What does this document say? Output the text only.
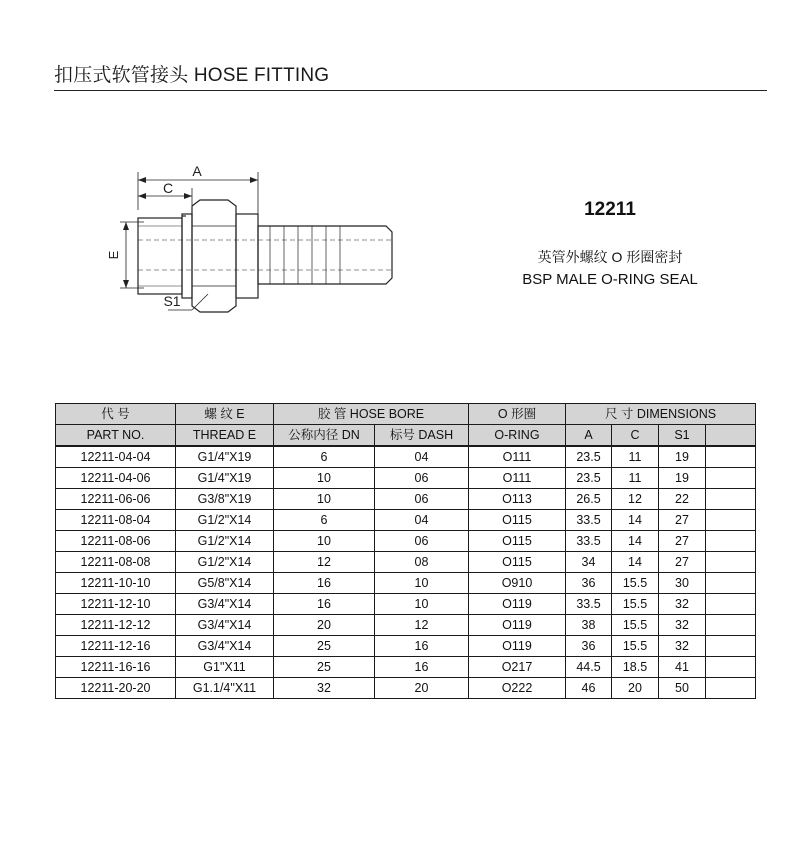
扣压式软管接头 HOSE FITTING
A
C
E
S1
12211
英管外螺纹 O 形圈密封
BSP MALE O-RING SEAL
代 号	螺 纹 E	胶 管 HOSE BORE		O 形圈	尺 寸 DIMENSIONS			
PART NO.	THREAD E	公称内径 DN	标号 DASH	O-RING	A	C	S1	
12211-04-04	G1/4"X19	6	04	O111	23.5	11	19	
12211-04-06	G1/4"X19	10	06	O111	23.5	11	19	
12211-06-06	G3/8"X19	10	06	O113	26.5	12	22	
12211-08-04	G1/2"X14	6	04	O115	33.5	14	27	
12211-08-06	G1/2"X14	10	06	O115	33.5	14	27	
12211-08-08	G1/2"X14	12	08	O115	34	14	27	
12211-10-10	G5/8"X14	16	10	O910	36	15.5	30	
12211-12-10	G3/4"X14	16	10	O119	33.5	15.5	32	
12211-12-12	G3/4"X14	20	12	O119	38	15.5	32	
12211-12-16	G3/4"X14	25	16	O119	36	15.5	32	
12211-16-16	G1"X11	25	16	O217	44.5	18.5	41	
12211-20-20	G1.1/4"X11	32	20	O222	46	20	50	
